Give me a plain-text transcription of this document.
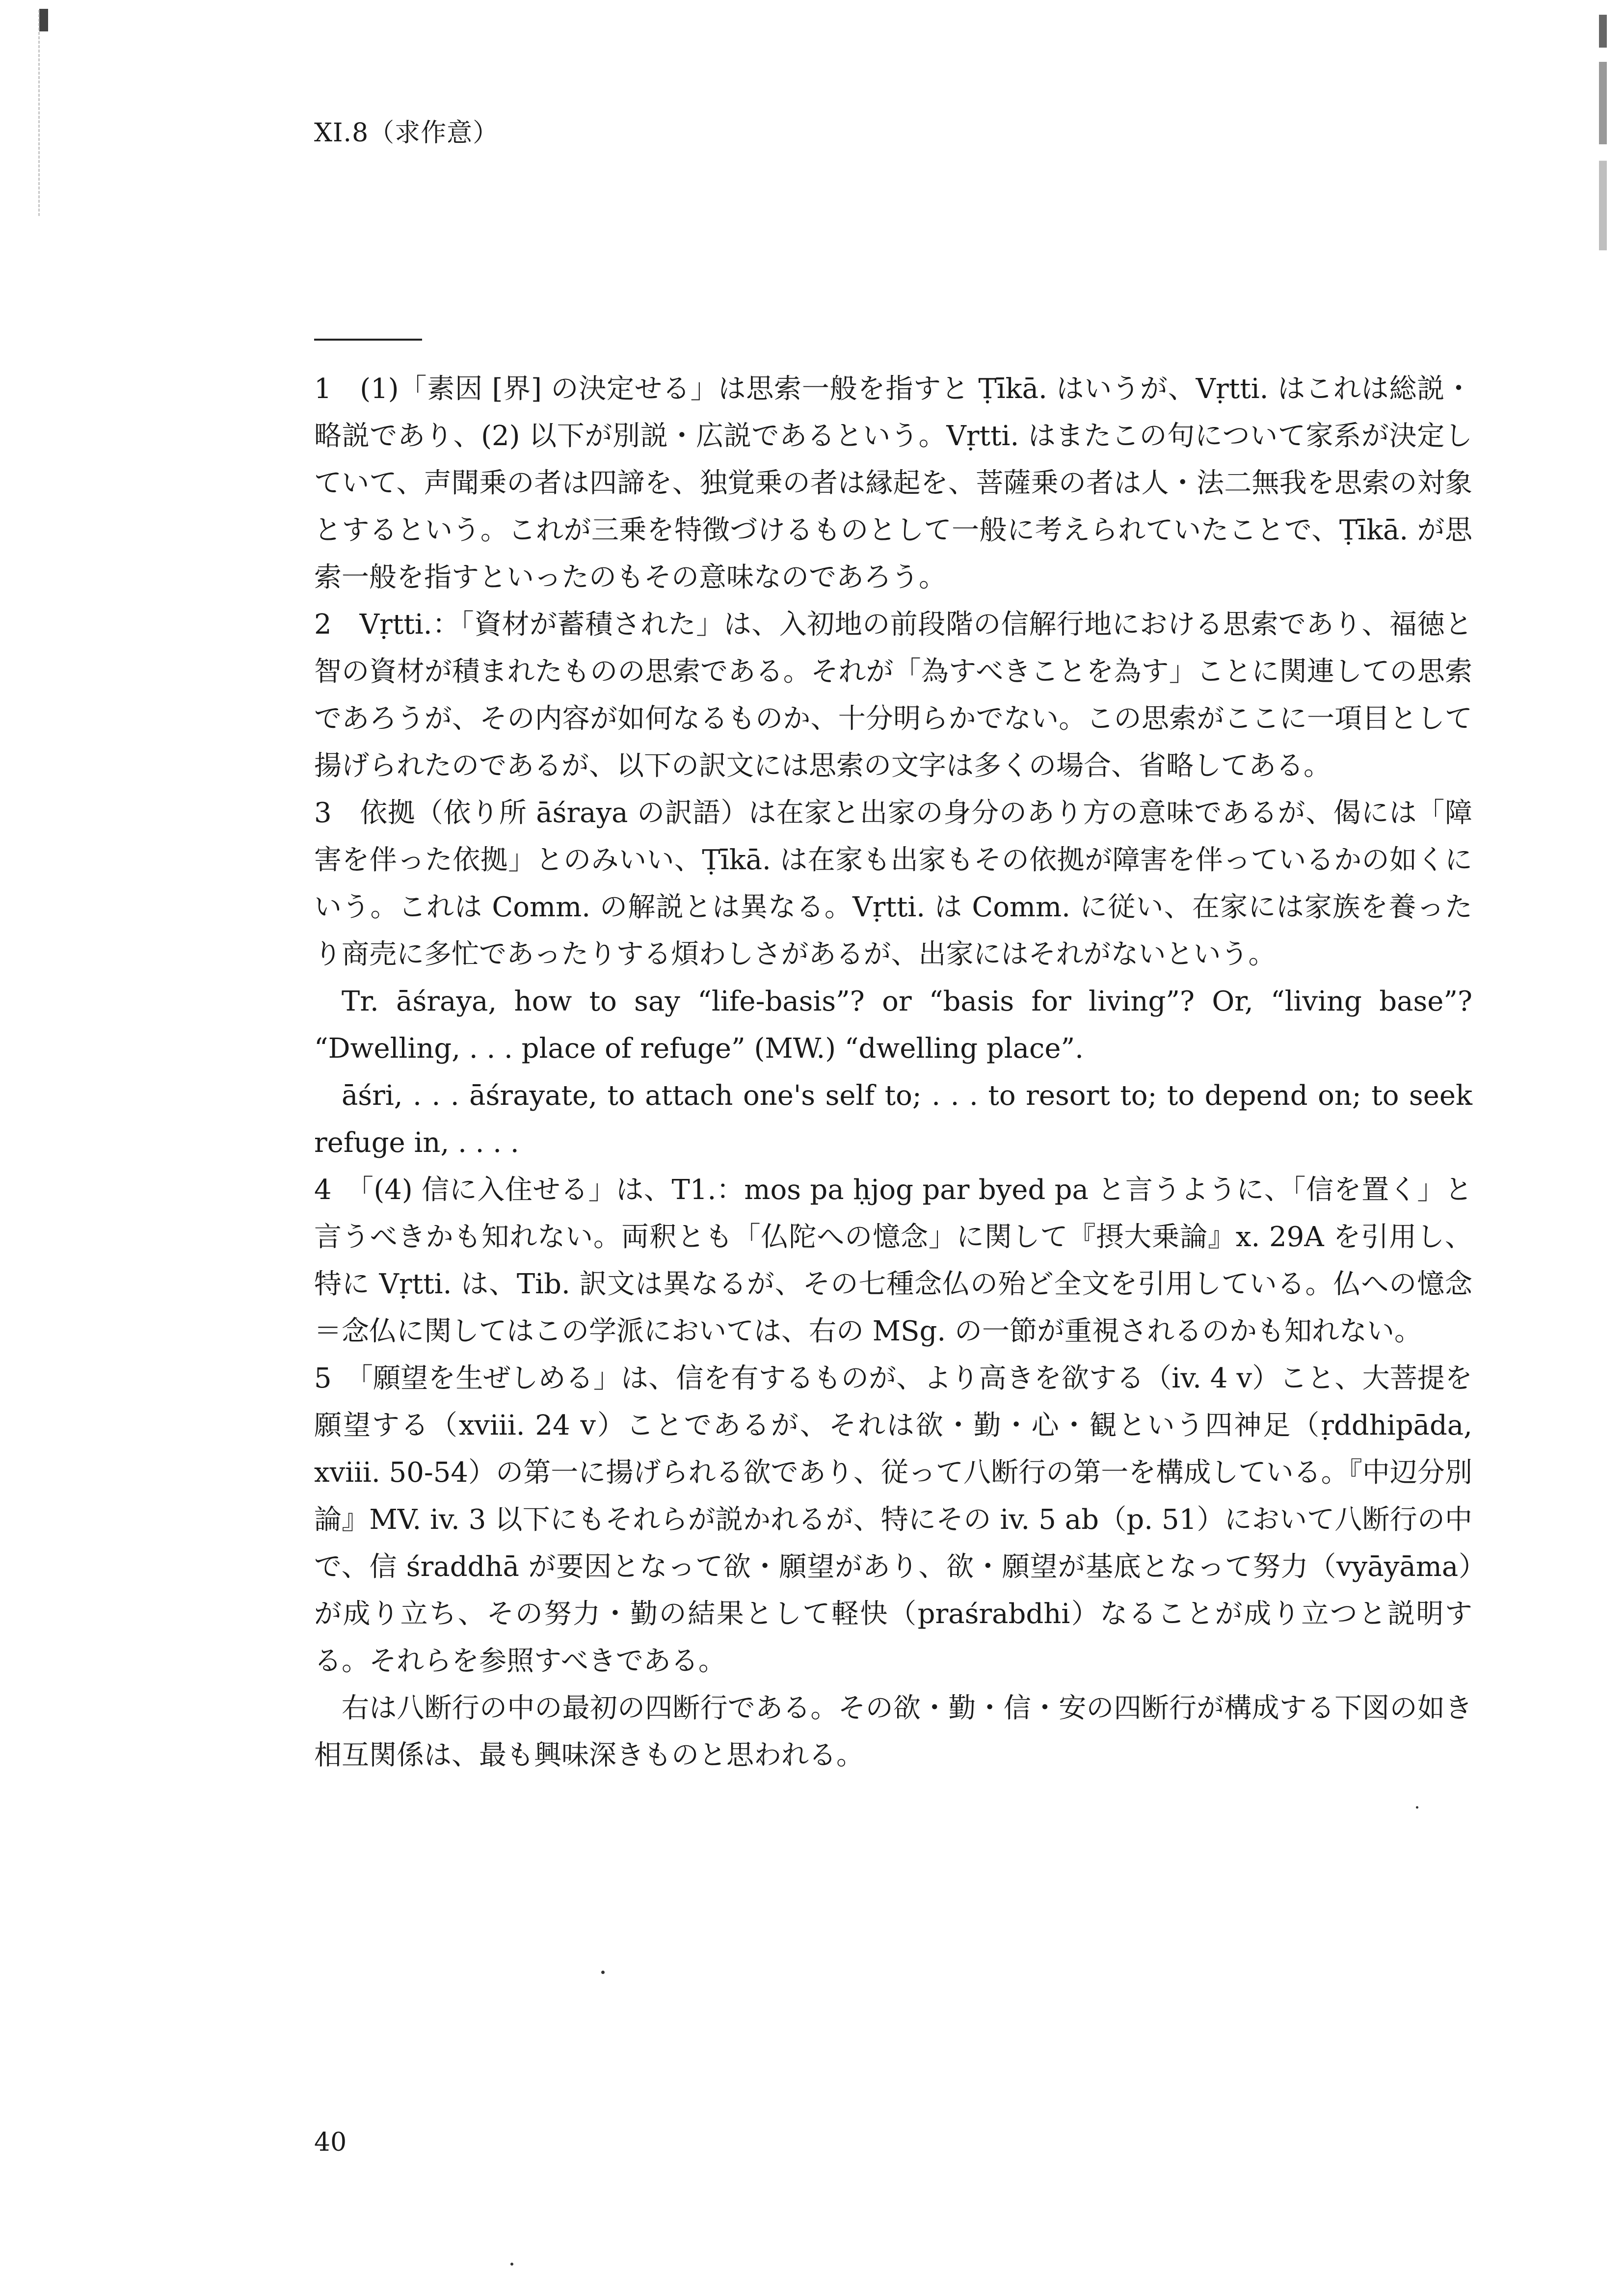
XI.8（求作意）

1　(1)「素因 [界] の決定せる」は思索一般を指すと Ṭīkā. はいうが、Vṛtti. はこれは総説・略説であり、(2) 以下が別説・広説であるという。Vṛtti. はまたこの句について家系が決定していて、声聞乗の者は四諦を、独覚乗の者は縁起を、菩薩乗の者は人・法二無我を思索の対象とするという。これが三乗を特徴づけるものとして一般に考えられていたことで、Ṭīkā. が思索一般を指すといったのもその意味なのであろう。

2　Vṛtti.：「資材が蓄積された」は、入初地の前段階の信解行地における思索であり、福徳と智の資材が積まれたものの思索である。それが「為すべきことを為す」ことに関連しての思索であろうが、その内容が如何なるものか、十分明らかでない。この思索がここに一項目として揚げられたのであるが、以下の訳文には思索の文字は多くの場合、省略してある。

3　依拠（依り所 āśraya の訳語）は在家と出家の身分のあり方の意味であるが、偈には「障害を伴った依拠」とのみいい、Ṭīkā. は在家も出家もその依拠が障害を伴っているかの如くにいう。これは Comm. の解説とは異なる。Vṛtti. は Comm. に従い、在家には家族を養ったり商売に多忙であったりする煩わしさがあるが、出家にはそれがないという。

Tr. āśraya, how to say “life-basis”? or “basis for living”? Or, “living base”? “Dwelling, . . . place of refuge” (MW.) “dwelling place”.

āśri, . . . āśrayate, to attach one's self to; . . . to resort to; to depend on; to seek refuge in, . . . .

4　「(4) 信に入住せる」は、T1.：mos pa ḥjog par byed pa と言うように、「信を置く」と言うべきかも知れない。両釈とも「仏陀への憶念」に関して『摂大乗論』x. 29A を引用し、特に Vṛtti. は、Tib. 訳文は異なるが、その七種念仏の殆ど全文を引用している。仏への憶念＝念仏に関してはこの学派においては、右の MSg. の一節が重視されるのかも知れない。

5　「願望を生ぜしめる」は、信を有するものが、より高きを欲する（iv. 4 v）こと、大菩提を願望する（xviii. 24 v）ことであるが、それは欲・勤・心・観という四神足（ṛddhipāda, xviii. 50-54）の第一に揚げられる欲であり、従って八断行の第一を構成している。『中辺分別論』MV. iv. 3 以下にもそれらが説かれるが、特にその iv. 5 ab（p. 51）において八断行の中で、信 śraddhā が要因となって欲・願望があり、欲・願望が基底となって努力（vyāyāma）が成り立ち、その努力・勤の結果として軽快（praśrabdhi）なることが成り立つと説明する。それらを参照すべきである。

右は八断行の中の最初の四断行である。その欲・勤・信・安の四断行が構成する下図の如き相互関係は、最も興味深きものと思われる。

40
